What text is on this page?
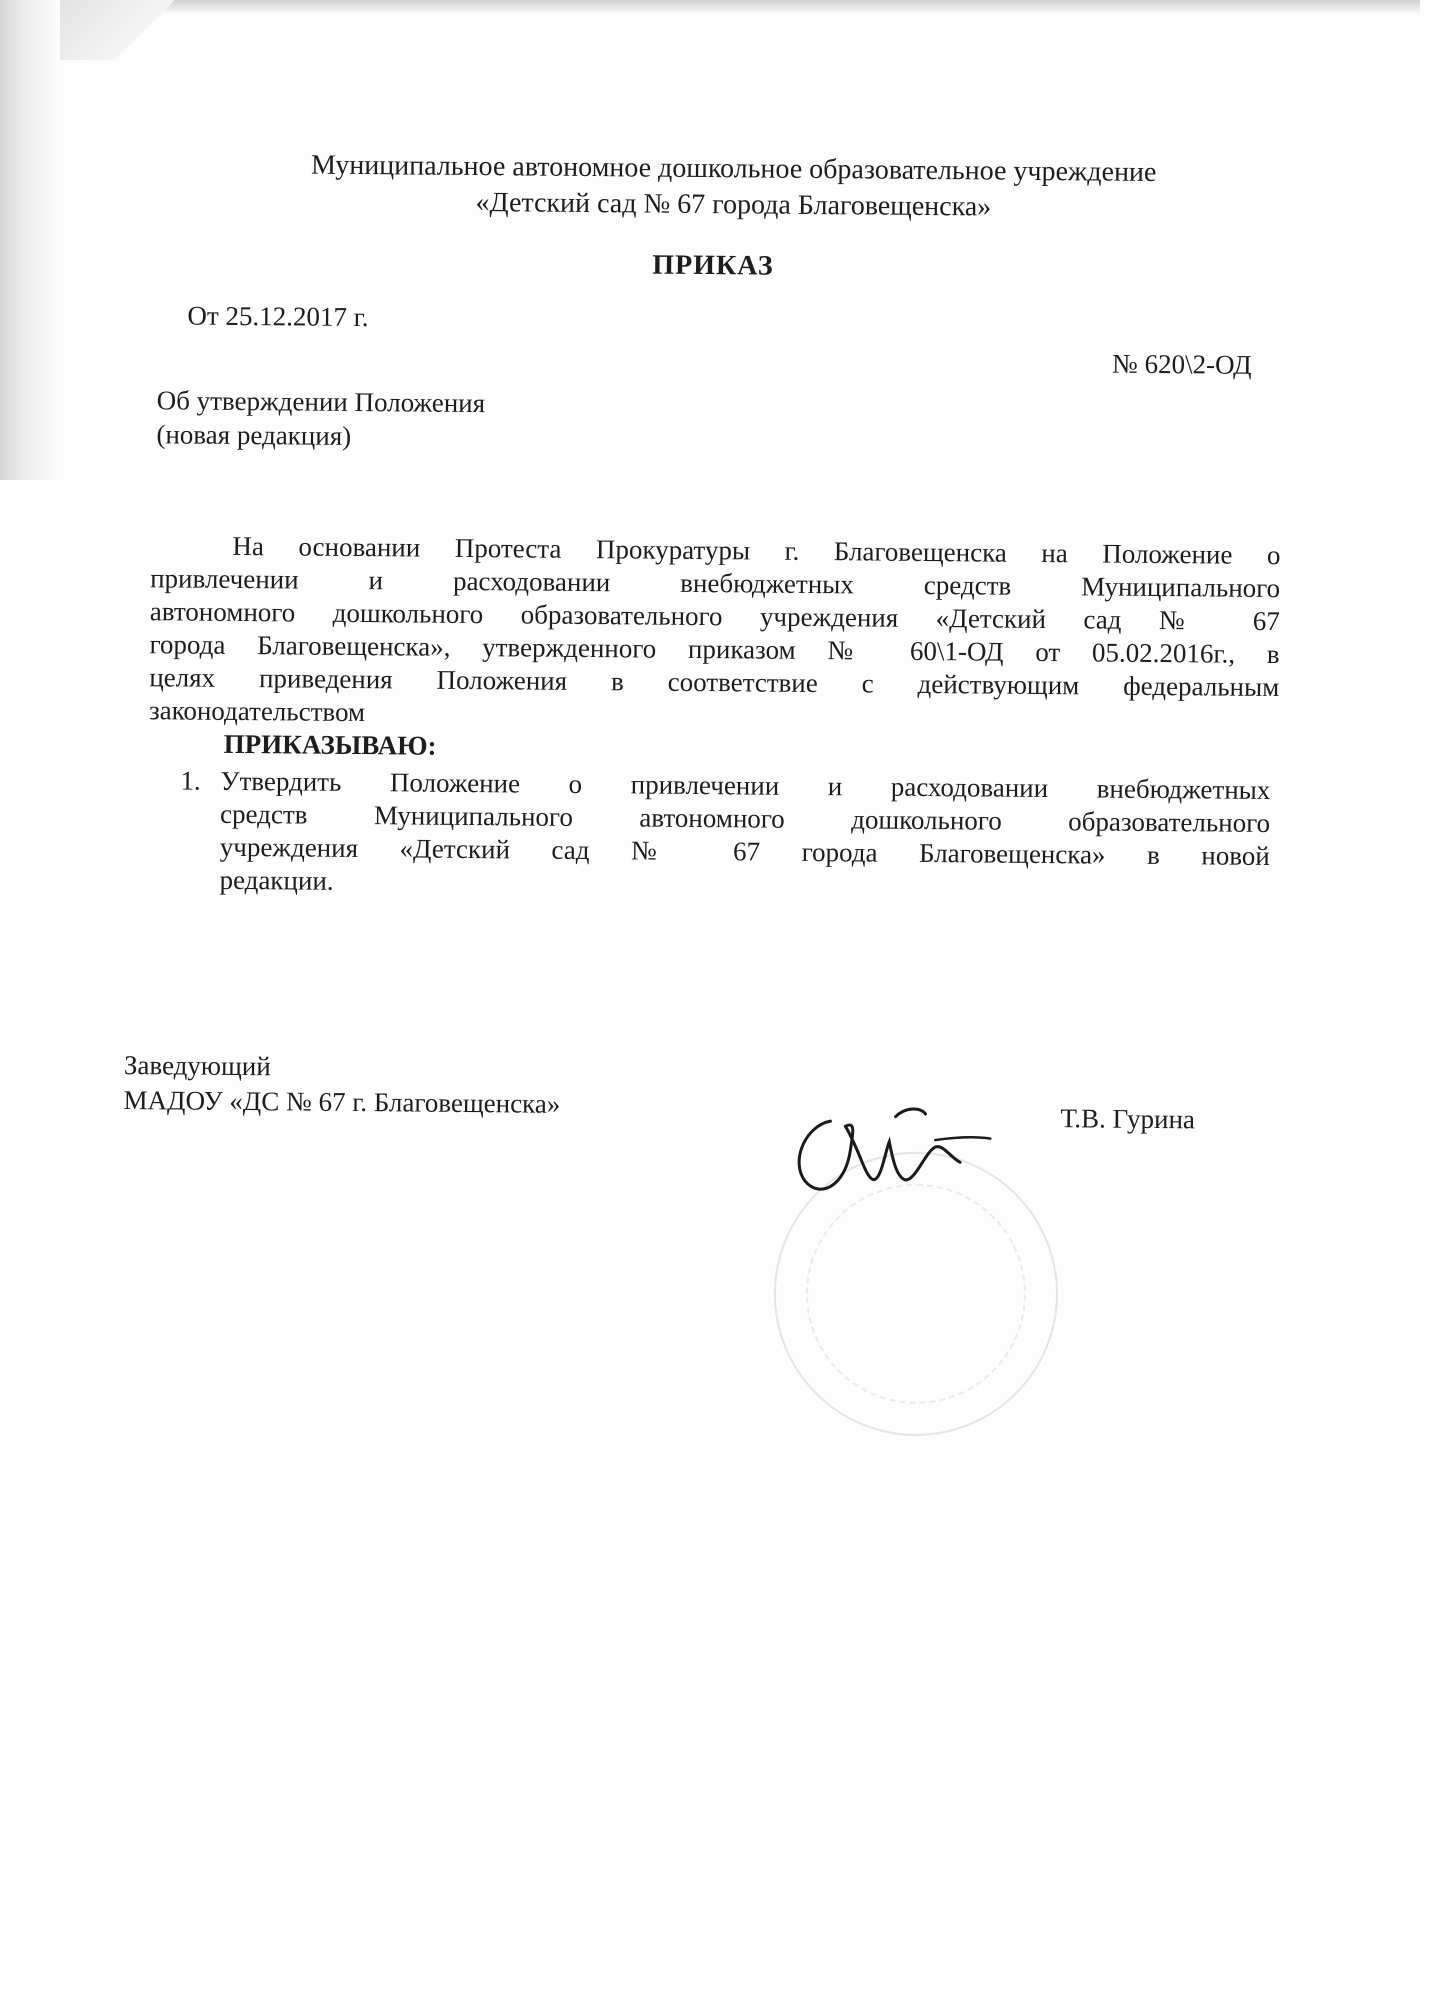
Муниципальное автономное дошкольное образовательное учреждение
«Детский сад № 67 города Благовещенска»
ПРИКАЗ
От 25.12.2017 г.
№ 620\2-ОД
Об утверждении Положения
(новая редакция)
На основании Протеста Прокуратуры г. Благовещенска на Положение о
привлечении и расходовании внебюджетных средств Муниципального
автономного дошкольного образовательного учреждения «Детский сад № 67
города Благовещенска», утвержденного приказом № 60\1-ОД от 05.02.2016г., в
целях приведения Положения в соответствие с действующим федеральным
законодательством
ПРИКАЗЫВАЮ:
1. Утвердить Положение о привлечении и расходовании внебюджетных
средств Муниципального автономного дошкольного образовательного
учреждения «Детский сад № 67 города Благовещенска» в новой
редакции.
Заведующий
МАДОУ «ДС № 67 г. Благовещенска»	Т.В. Гурина
